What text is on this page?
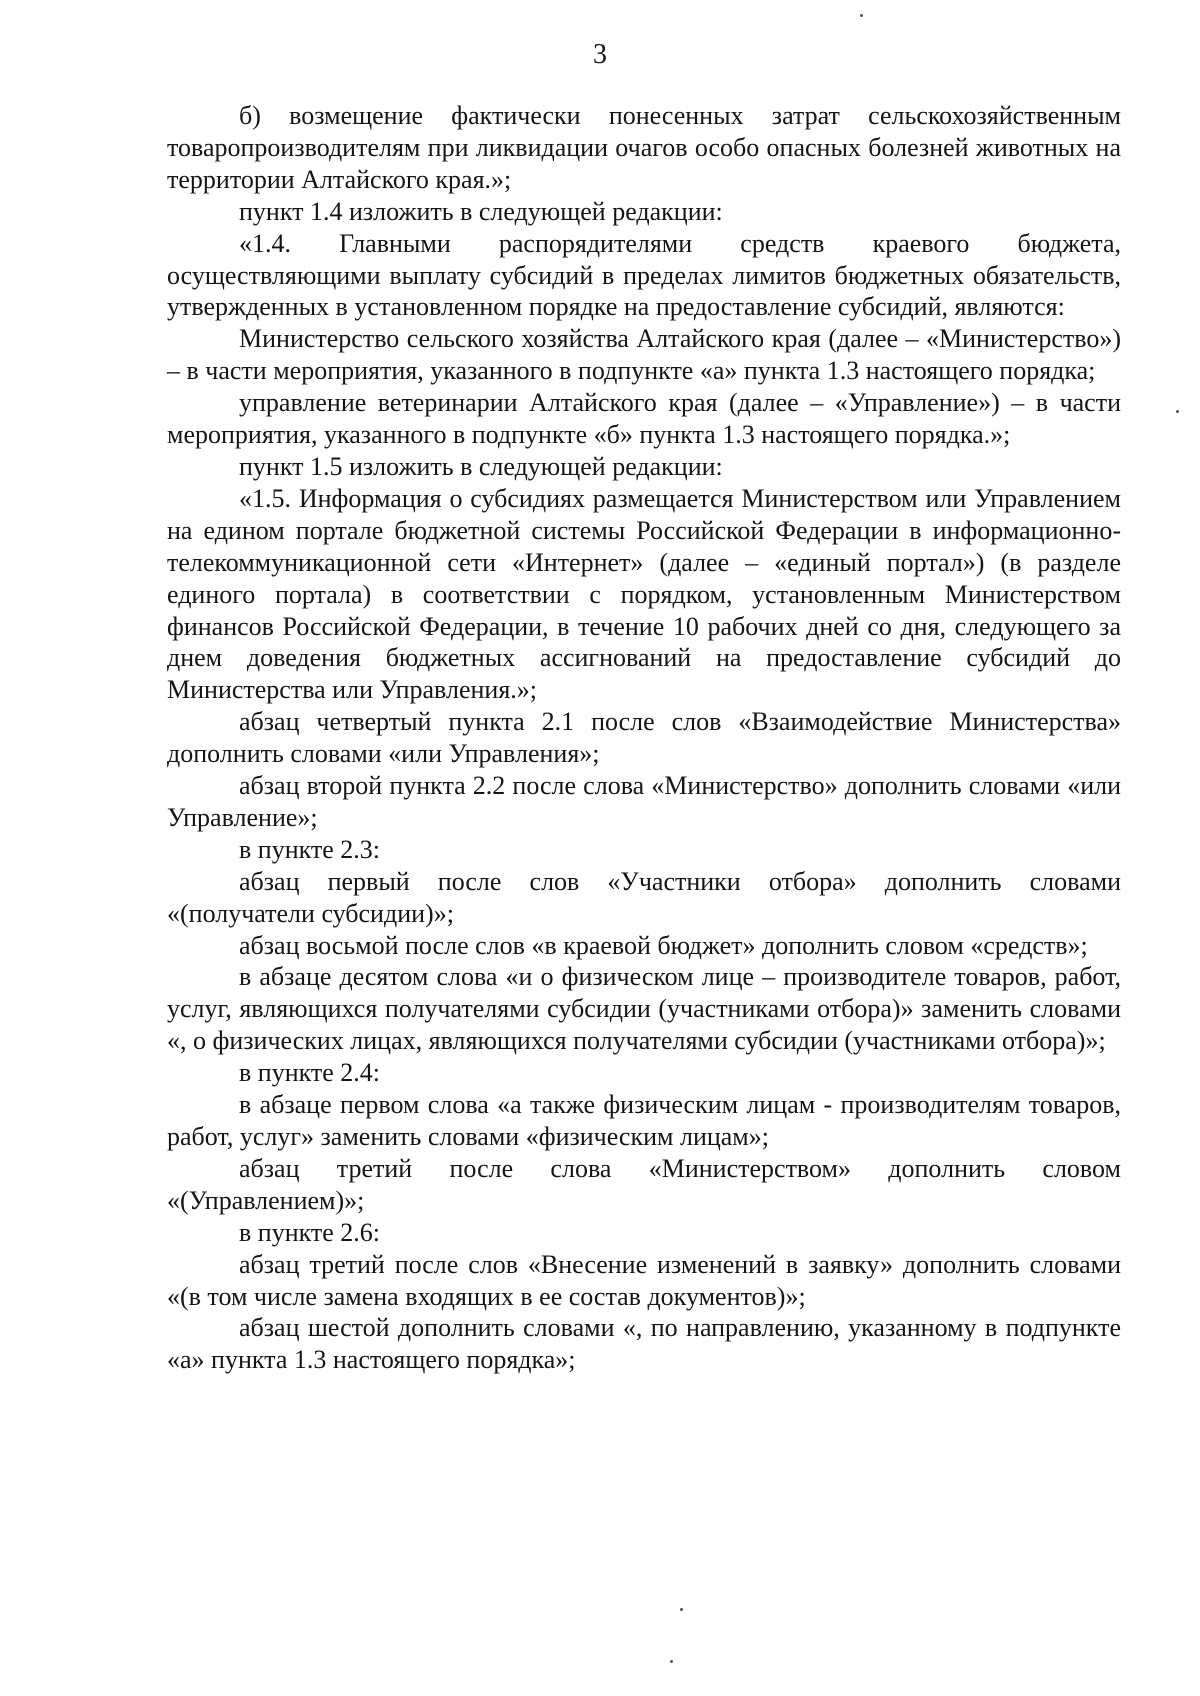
3

б) возмещение фактически понесенных затрат сельскохозяйственным товаропроизводителям при ликвидации очагов особо опасных болезней животных на территории Алтайского края.»;

пункт 1.4 изложить в следующей редакции:

«1.4. Главными распорядителями средств краевого бюджета, осуществляющими выплату субсидий в пределах лимитов бюджетных обязательств, утвержденных в установленном порядке на предоставление субсидий, являются:

Министерство сельского хозяйства Алтайского края (далее – «Министерство») – в части мероприятия, указанного в подпункте «а» пункта 1.3 настоящего порядка;

управление ветеринарии Алтайского края (далее – «Управление») – в части мероприятия, указанного в подпункте «б» пункта 1.3 настоящего порядка.»;

пункт 1.5 изложить в следующей редакции:

«1.5. Информация о субсидиях размещается Министерством или Управлением на едином портале бюджетной системы Российской Федерации в информационно-телекоммуникационной сети «Интернет» (далее – «единый портал») (в разделе единого портала) в соответствии с порядком, установленным Министерством финансов Российской Федерации, в течение 10 рабочих дней со дня, следующего за днем доведения бюджетных ассигнований на предоставление субсидий до Министерства или Управления.»;

абзац четвертый пункта 2.1 после слов «Взаимодействие Министерства» дополнить словами «или Управления»;

абзац второй пункта 2.2 после слова «Министерство» дополнить словами «или Управление»;

в пункте 2.3:

абзац первый после слов «Участники отбора» дополнить словами «(получатели субсидии)»;

абзац восьмой после слов «в краевой бюджет» дополнить словом «средств»;

в абзаце десятом слова «и о физическом лице – производителе товаров, работ, услуг, являющихся получателями субсидии (участниками отбора)» заменить словами «, о физических лицах, являющихся получателями субсидии (участниками отбора)»;

в пункте 2.4:

в абзаце первом слова «а также физическим лицам - производителям товаров, работ, услуг» заменить словами «физическим лицам»;

абзац третий после слова «Министерством» дополнить словом «(Управлением)»;

в пункте 2.6:

абзац третий после слов «Внесение изменений в заявку» дополнить словами «(в том числе замена входящих в ее состав документов)»;

абзац шестой дополнить словами «, по направлению, указанному в подпункте «а» пункта 1.3 настоящего порядка»;
